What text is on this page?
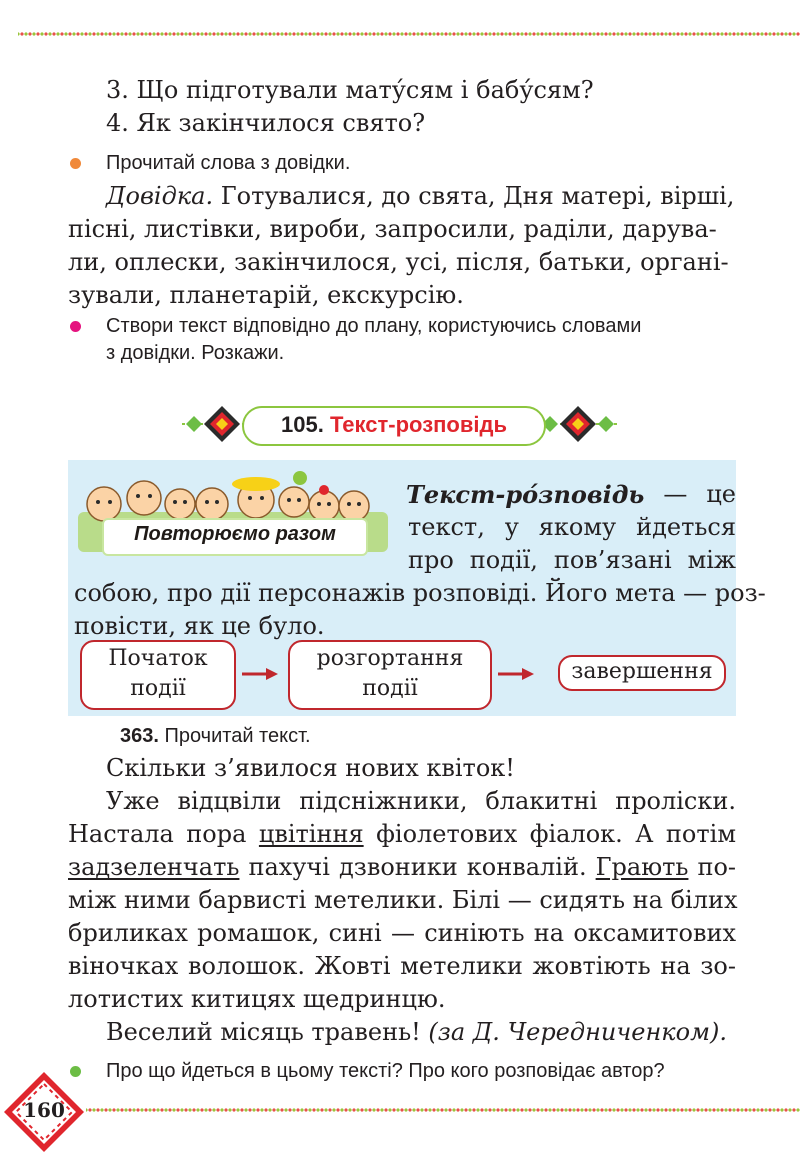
3. Що підготували мату́сям і бабу́сям?
4. Як закінчилося свято?
Прочитай слова з довідки.
Довідка. Готувалися, до свята, Дня матері, вірші,
пісні, листівки, вироби, запросили, раділи, дарува-
ли, оплески, закінчилося, усі, після, батьки, органі-
зували, планетарій, екскурсію.
Створи текст відповідно до плану, користуючись словами
з довідки. Розкажи.
105. Текст-розповідь
Повторюємо разом
Текст-ро́зповідь — це
текст, у якому йдеться
про події, пов’язані між
собою, про дії персонажів розповіді. Його мета — роз-
повісти, як це було.
Початок
події
розгортання
події
завершення
363. Прочитай текст.
Скільки з’явилося нових квіток!
Уже відцвіли підсніжники, блакитні проліски.
Настала пора цвітіння фіолетових фіалок. А потім
задзеленчать пахучі дзвоники конвалій. Грають по-
між ними барвисті метелики. Білі — сидять на білих
бриликах ромашок, сині — синіють на оксамитових
віночках волошок. Жовті метелики жовтіють на зо-
лотистих китицях щедринцю.
Веселий місяць травень! (за Д. Чередниченком).
Про що йдеться в цьому тексті? Про кого розповідає автор?
160
